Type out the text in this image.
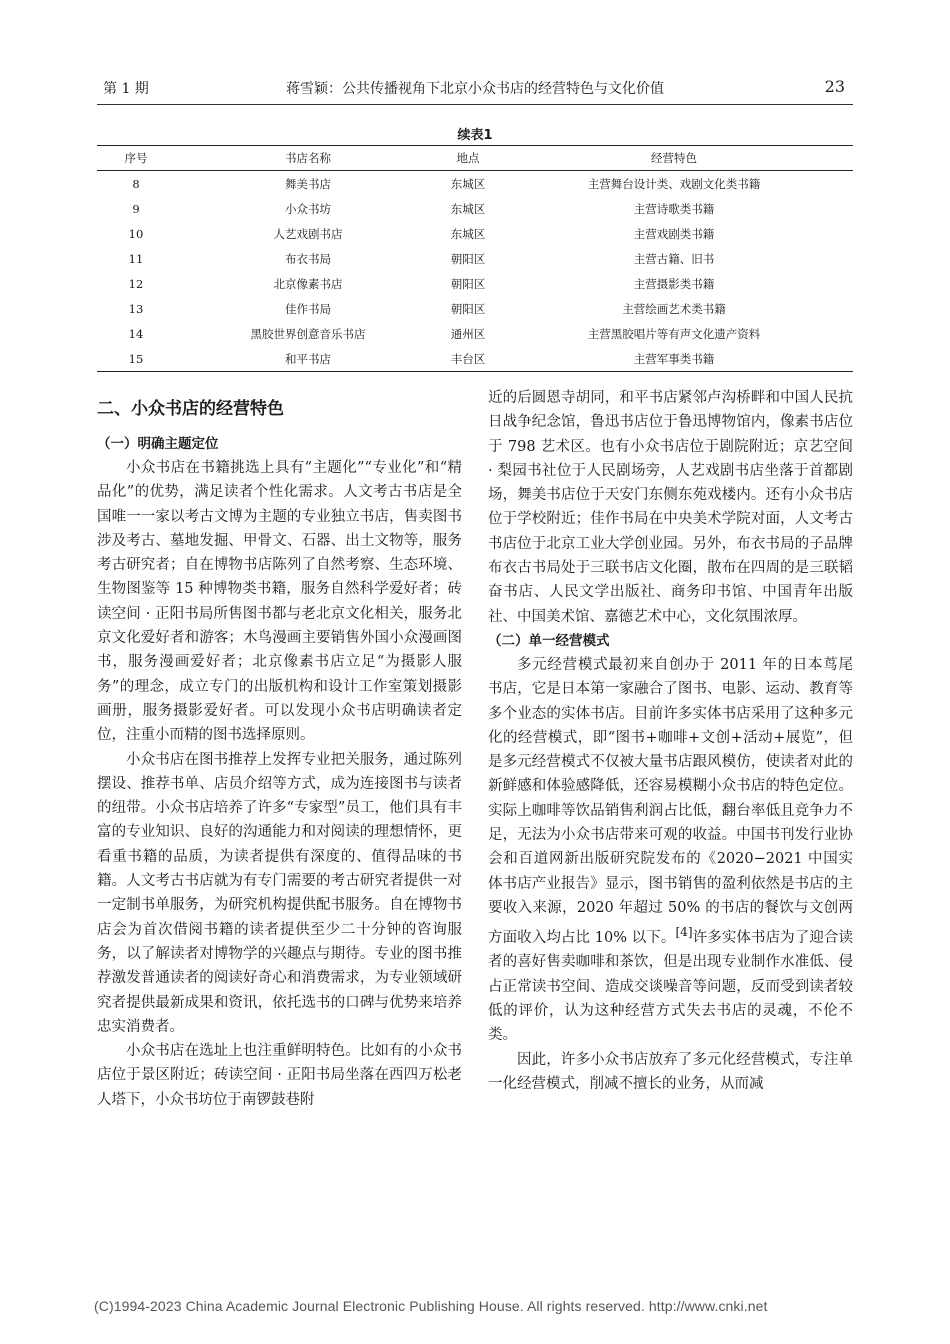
第 1 期	蒋雪颖：公共传播视角下北京小众书店的经营特色与文化价值	23
续表1
序号	书店名称	地点	经营特色
8	舞美书店	东城区	主营舞台设计类、戏剧文化类书籍
9	小众书坊	东城区	主营诗歌类书籍
10	人艺戏剧书店	东城区	主营戏剧类书籍
11	布衣书局	朝阳区	主营古籍、旧书
12	北京像素书店	朝阳区	主营摄影类书籍
13	佳作书局	朝阳区	主营绘画艺术类书籍
14	黑胶世界创意音乐书店	通州区	主营黑胶唱片等有声文化遗产资料
15	和平书店	丰台区	主营军事类书籍

二、小众书店的经营特色

（一）明确主题定位

小众书店在书籍挑选上具有“主题化”“专业化”和“精品化”的优势，满足读者个性化需求。人文考古书店是全国唯一一家以考古文博为主题的专业独立书店，售卖图书涉及考古、墓地发掘、甲骨文、石器、出土文物等，服务考古研究者；自在博物书店陈列了自然考察、生态环境、生物图鉴等 15 种博物类书籍，服务自然科学爱好者；砖读空间 · 正阳书局所售图书都与老北京文化相关，服务北京文化爱好者和游客；木鸟漫画主要销售外国小众漫画图书，服务漫画爱好者；北京像素书店立足“为摄影人服务”的理念，成立专门的出版机构和设计工作室策划摄影画册，服务摄影爱好者。可以发现小众书店明确读者定位，注重小而精的图书选择原则。

小众书店在图书推荐上发挥专业把关服务，通过陈列摆设、推荐书单、店员介绍等方式，成为连接图书与读者的纽带。小众书店培养了许多“专家型”员工，他们具有丰富的专业知识、良好的沟通能力和对阅读的理想情怀，更看重书籍的品质，为读者提供有深度的、值得品味的书籍。人文考古书店就为有专门需要的考古研究者提供一对一定制书单服务，为研究机构提供配书服务。自在博物书店会为首次借阅书籍的读者提供至少二十分钟的咨询服务，以了解读者对博物学的兴趣点与期待。专业的图书推荐激发普通读者的阅读好奇心和消费需求，为专业领域研究者提供最新成果和资讯，依托选书的口碑与优势来培养忠实消费者。

小众书店在选址上也注重鲜明特色。比如有的小众书店位于景区附近；砖读空间 · 正阳书局坐落在西四万松老人塔下，小众书坊位于南锣鼓巷附

近的后圆恩寺胡同，和平书店紧邻卢沟桥畔和中国人民抗日战争纪念馆，鲁迅书店位于鲁迅博物馆内，像素书店位于 798 艺术区。也有小众书店位于剧院附近；京艺空间 · 梨园书社位于人民剧场旁，人艺戏剧书店坐落于首都剧场，舞美书店位于天安门东侧东苑戏楼内。还有小众书店位于学校附近；佳作书局在中央美术学院对面，人文考古书店位于北京工业大学创业园。另外，布衣书局的子品牌布衣古书局处于三联书店文化圈，散布在四周的是三联韬奋书店、人民文学出版社、商务印书馆、中国青年出版社、中国美术馆、嘉德艺术中心，文化氛围浓厚。

（二）单一经营模式

多元经营模式最初来自创办于 2011 年的日本茑尾书店，它是日本第一家融合了图书、电影、运动、教育等多个业态的实体书店。目前许多实体书店采用了这种多元化的经营模式，即“图书+咖啡+文创+活动+展览”，但是多元经营模式不仅被大量书店跟风模仿，使读者对此的新鲜感和体验感降低，还容易模糊小众书店的特色定位。实际上咖啡等饮品销售利润占比低，翻台率低且竞争力不足，无法为小众书店带来可观的收益。中国书刊发行业协会和百道网新出版研究院发布的《2020−2021 中国实体书店产业报告》显示，图书销售的盈利依然是书店的主要收入来源，2020 年超过 50% 的书店的餐饮与文创两方面收入均占比 10% 以下。[4]许多实体书店为了迎合读者的喜好售卖咖啡和茶饮，但是出现专业制作水准低、侵占正常读书空间、造成交谈噪音等问题，反而受到读者较低的评价，认为这种经营方式失去书店的灵魂，不伦不类。

因此，许多小众书店放弃了多元化经营模式，专注单一化经营模式，削减不擅长的业务，从而减

(C)1994-2023 China Academic Journal Electronic Publishing House. All rights reserved. http://www.cnki.net
